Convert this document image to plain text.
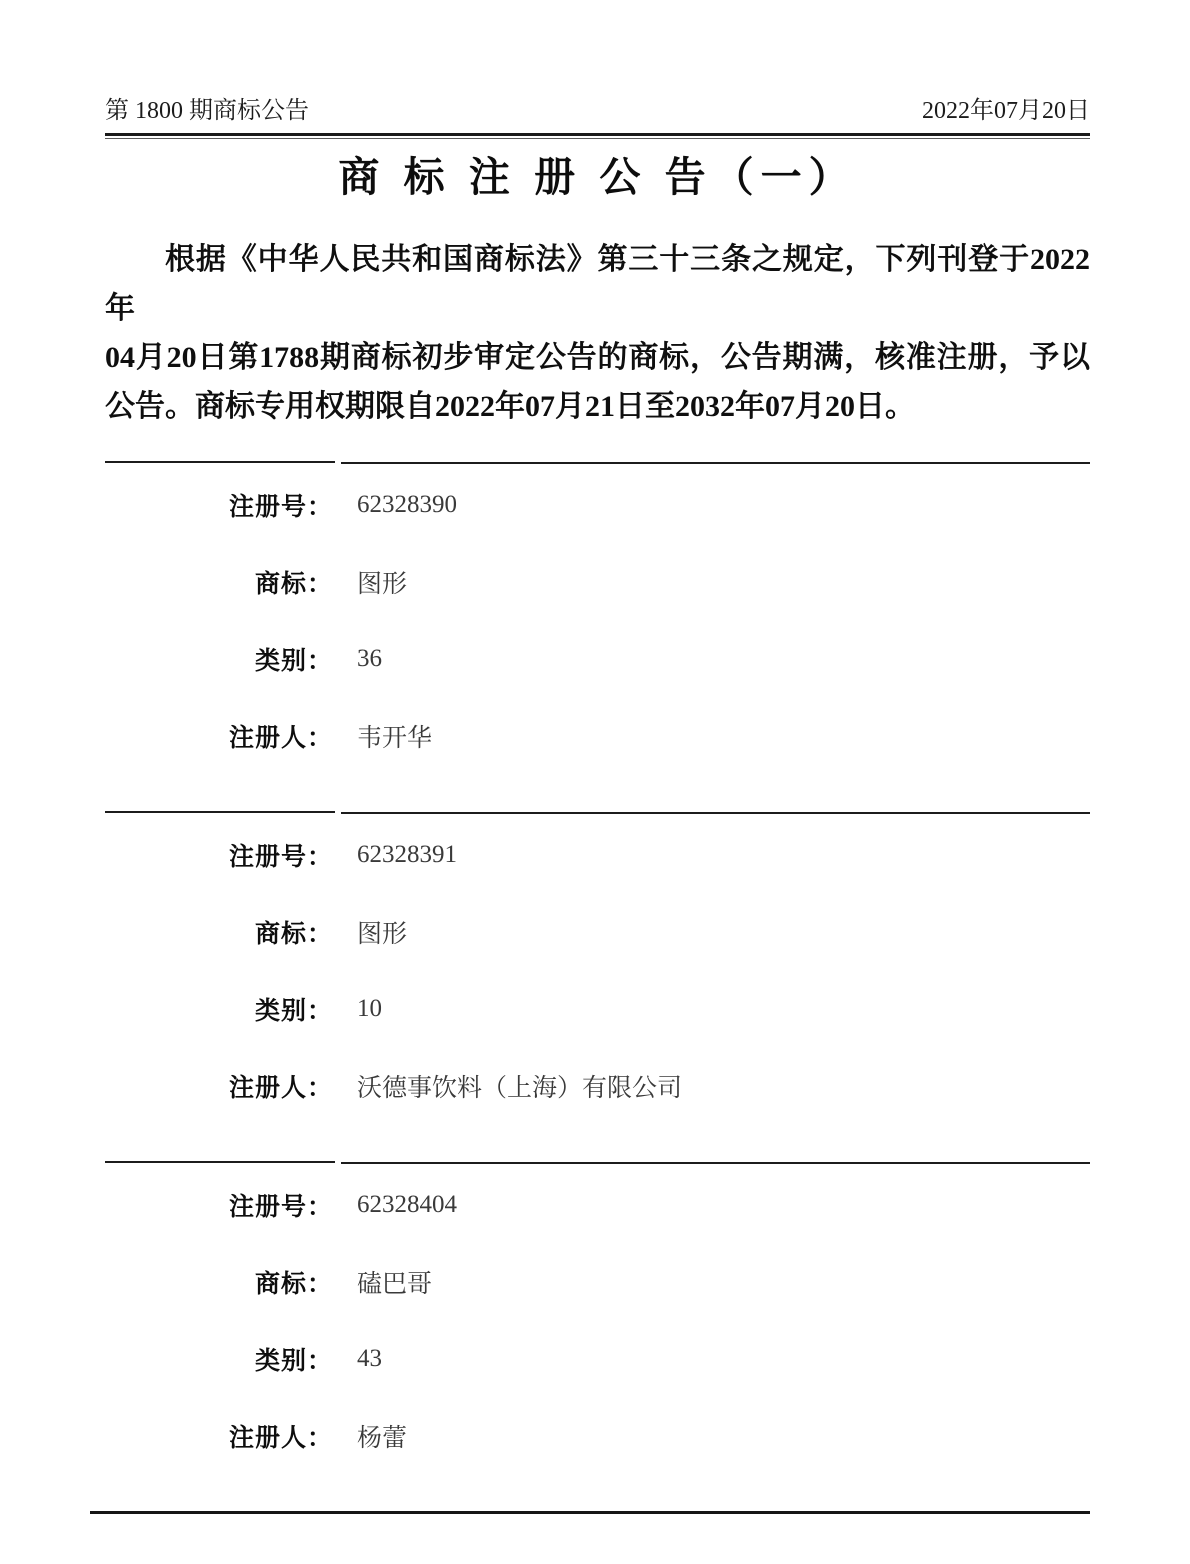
第 1800 期商标公告	2022年07月20日
商 标 注 册 公 告（一）
根据《中华人民共和国商标法》第三十三条之规定，下列刊登于2022年
04月20日第1788期商标初步审定公告的商标，公告期满，核准注册，予以
公告。商标专用权期限自2022年07月21日至2032年07月20日。
注册号： 62328390
商标： 图形
类别： 36
注册人： 韦开华
注册号： 62328391
商标： 图形
类别： 10
注册人： 沃德事饮料（上海）有限公司
注册号： 62328404
商标： 磕巴哥
类别： 43
注册人： 杨蕾
